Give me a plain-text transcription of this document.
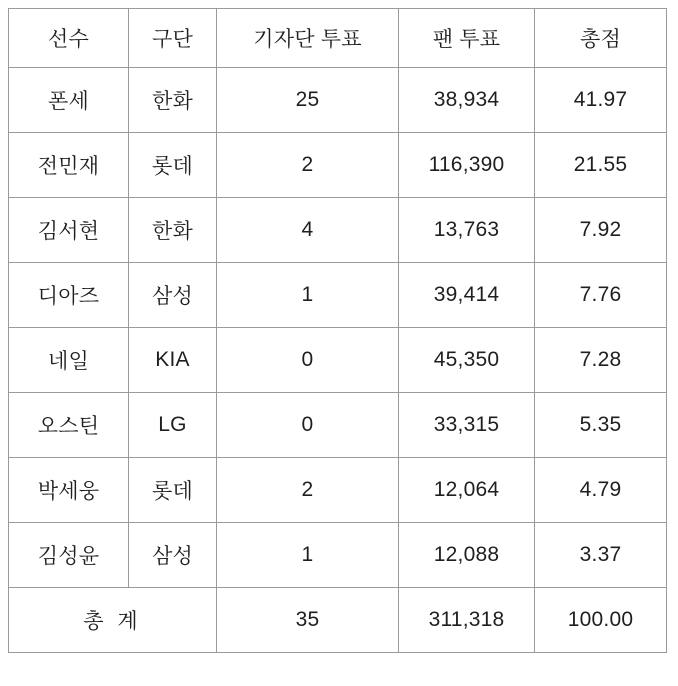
선수	구단	기자단 투표	팬 투표	총점
폰세	한화	25	38,934	41.97
전민재	롯데	2	116,390	21.55
김서현	한화	4	13,763	7.92
디아즈	삼성	1	39,414	7.76
네일	KIA	0	45,350	7.28
오스틴	LG	0	33,315	5.35
박세웅	롯데	2	12,064	4.79
김성윤	삼성	1	12,088	3.37
총 계		35	311,318	100.00
